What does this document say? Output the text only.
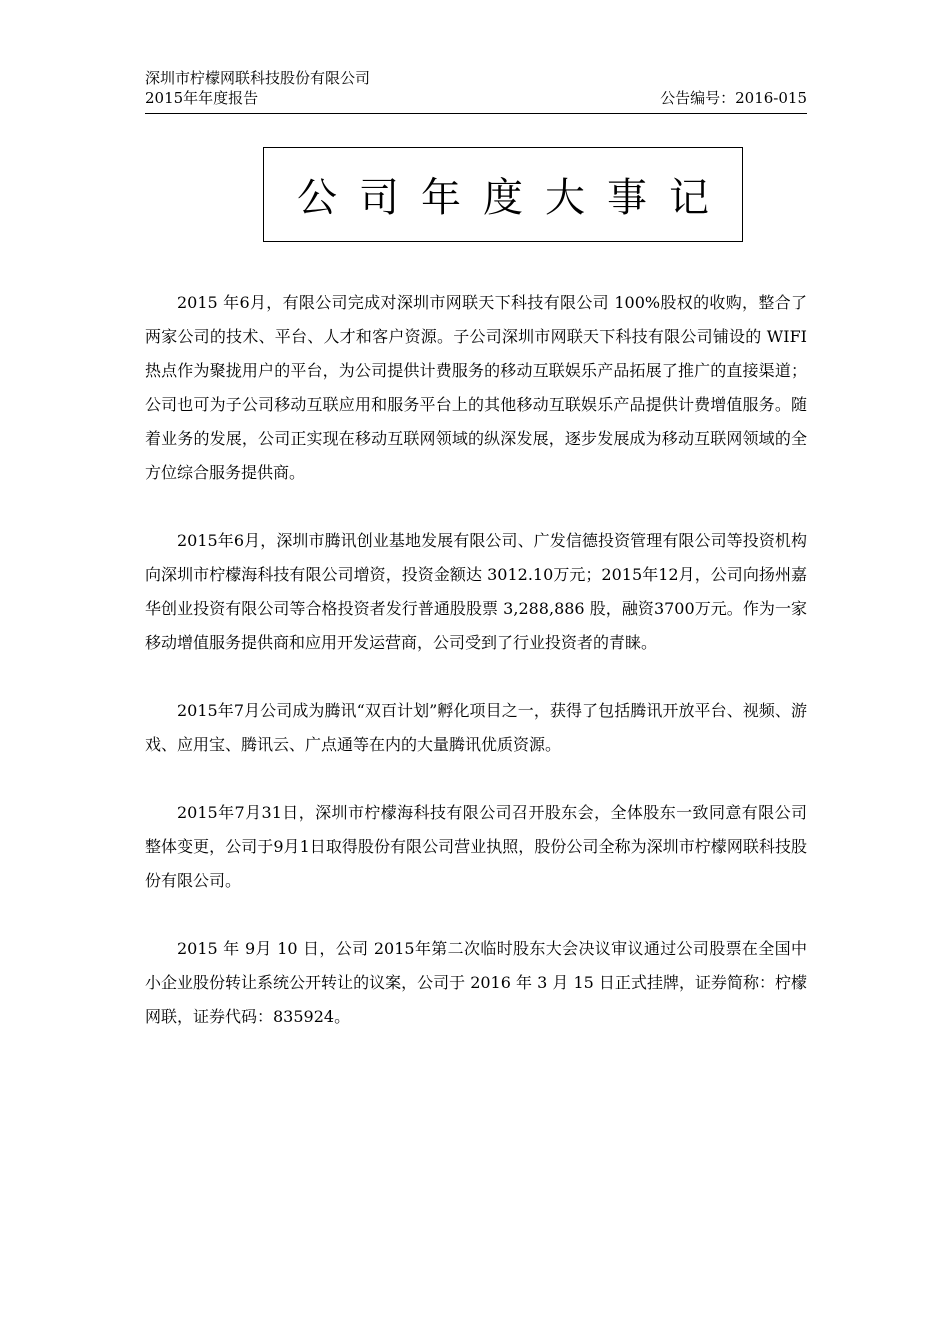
深圳市柠檬网联科技股份有限公司
2015年年度报告	公告编号：2016-015
公司年度大事记

2015 年6月，有限公司完成对深圳市网联天下科技有限公司 100%股权的收购，整合了两家公司的技术、平台、人才和客户资源。子公司深圳市网联天下科技有限公司铺设的 WIFI 热点作为聚拢用户的平台，为公司提供计费服务的移动互联娱乐产品拓展了推广的直接渠道；公司也可为子公司移动互联应用和服务平台上的其他移动互联娱乐产品提供计费增值服务。随着业务的发展，公司正实现在移动互联网领域的纵深发展，逐步发展成为移动互联网领域的全方位综合服务提供商。

2015年6月，深圳市腾讯创业基地发展有限公司、广发信德投资管理有限公司等投资机构向深圳市柠檬海科技有限公司增资，投资金额达 3012.10万元；2015年12月，公司向扬州嘉华创业投资有限公司等合格投资者发行普通股股票 3,288,886 股，融资3700万元。作为一家移动增值服务提供商和应用开发运营商，公司受到了行业投资者的青睐。

2015年7月公司成为腾讯“双百计划”孵化项目之一，获得了包括腾讯开放平台、视频、游戏、应用宝、腾讯云、广点通等在内的大量腾讯优质资源。

2015年7月31日，深圳市柠檬海科技有限公司召开股东会，全体股东一致同意有限公司整体变更，公司于9月1日取得股份有限公司营业执照，股份公司全称为深圳市柠檬网联科技股份有限公司。

2015 年 9月 10 日，公司 2015年第二次临时股东大会决议审议通过公司股票在全国中小企业股份转让系统公开转让的议案，公司于 2016 年 3 月 15 日正式挂牌，证券简称：柠檬网联，证券代码：835924。
